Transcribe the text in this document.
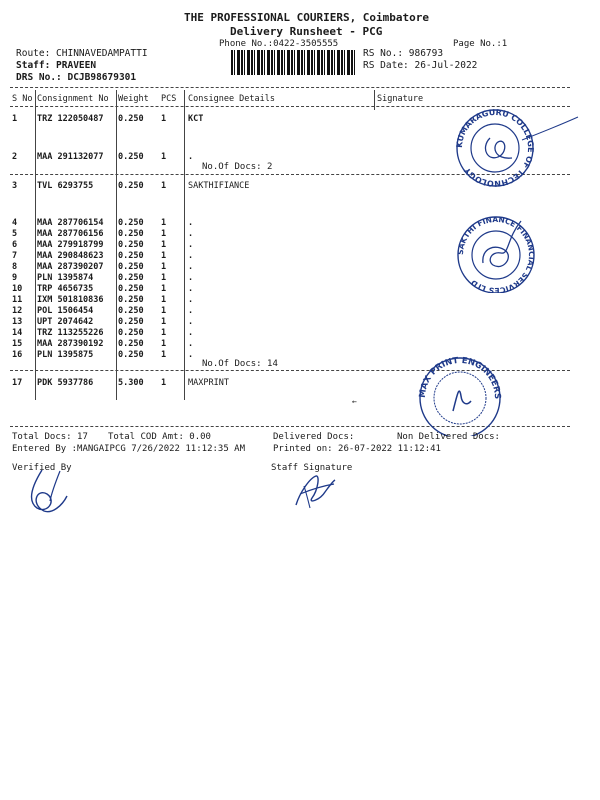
THE PROFESSIONAL COURIERS, Coimbatore
Delivery Runsheet - PCG
Phone No.:0422-3505555	Page No.:1
Route: CHINNAVEDAMPATTI
Staff: PRAVEEN
DRS No.: DCJB98679301
RS No.: 986793
RS Date: 26-Jul-2022
S No Consignment No Weight PCS Consignee Details	Signature
1 TRZ 122050487 0.250 1	KCT
2 MAA 291132077 0.250 1	.
No.Of Docs: 2
3 TVL 6293755	0.250 1	SAKTHIFIANCE
4 MAA 287706154 0.250 1	.
5 MAA 287706156 0.250 1	.
6 MAA 279918799 0.250 1	.
7 MAA 290848623 0.250 1	.
8 MAA 287390207 0.250 1	.
9 PLN 1395874	0.250 1	.
10 TRP 4656735	0.250 1	.
11 IXM 501810836 0.250 1	.
12 POL 1506454	0.250 1	.
13 UPT 2074642	0.250 1	.
14 TRZ 113255226 0.250 1	.
15 MAA 287390192 0.250 1	.
16 PLN 1395875	0.250 1	.
No.Of Docs: 14
17 PDK 5937786	5.300 1	MAXPRINT
KUMARAGURU COLLEGE OF TECHNOLOGY
SAKTHI FINANCE FINANCIAL SERVICES LTD
MAX PRINT ENGINEERS
←
Total Docs: 17 Total COD Amt: 0.00	Delivered Docs:	Non Delivered Docs:
Entered By :MANGAIPCG 7/26/2022 11:12:35 AM	Printed on: 26-07-2022 11:12:41
Verified By	Staff Signature
